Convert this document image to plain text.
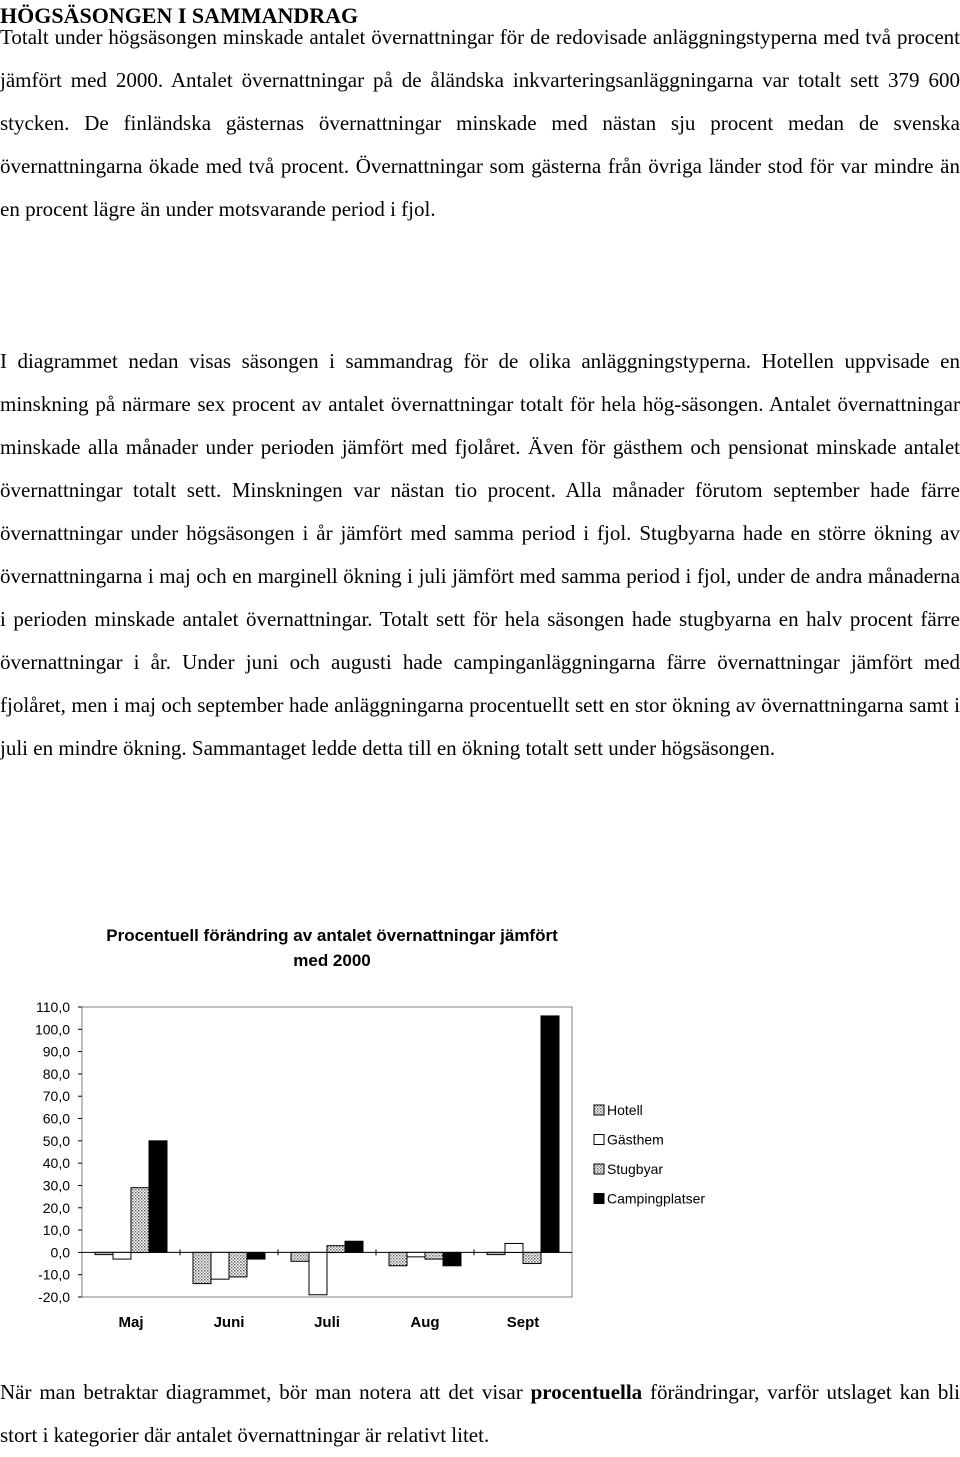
HÖGSÄSONGEN I SAMMANDRAG

Totalt under högsäsongen minskade antalet övernattningar för de redovisade anläggningstyperna med två procent jämfört med 2000. Antalet övernattningar på de åländska inkvarteringsanläggningarna var totalt sett 379 600 stycken. De finländska gästernas övernattningar minskade med nästan sju procent medan de svenska övernattningarna ökade med två procent. Övernattningar som gästerna från övriga länder stod för var mindre än en procent lägre än under motsvarande period i fjol.

I diagrammet nedan visas säsongen i sammandrag för de olika anläggningstyperna. Hotellen uppvisade en minskning på närmare sex procent av antalet övernattningar totalt för hela hög-säsongen. Antalet övernattningar minskade alla månader under perioden jämfört med fjolåret. Även för gästhem och pensionat minskade antalet övernattningar totalt sett. Minskningen var nästan tio procent. Alla månader förutom september hade färre övernattningar under högsäsongen i år jämfört med samma period i fjol. Stugbyarna hade en större ökning av övernattningarna i maj och en marginell ökning i juli jämfört med samma period i fjol, under de andra månaderna i perioden minskade antalet övernattningar. Totalt sett för hela säsongen hade stugbyarna en halv procent färre övernattningar i år. Under juni och augusti hade campinganläggningarna färre övernattningar jämfört med fjolåret, men i maj och september hade anläggningarna procentuellt sett en stor ökning av övernattningarna samt i juli en mindre ökning. Sammantaget ledde detta till en ökning totalt sett under högsäsongen.

Procentuell förändring av antalet övernattningar jämfört
med 2000
110,0
100,0
90,0
80,0
70,0
60,0
50,0
40,0
30,0
20,0
10,0
0,0
-10,0
-20,0
Maj	Juni	Juli	Aug	Sept
Hotell
Gästhem
Stugbyar
Campingplatser

När man betraktar diagrammet, bör man notera att det visar procentuella förändringar, varför utslaget kan bli stort i kategorier där antalet övernattningar är relativt litet.
